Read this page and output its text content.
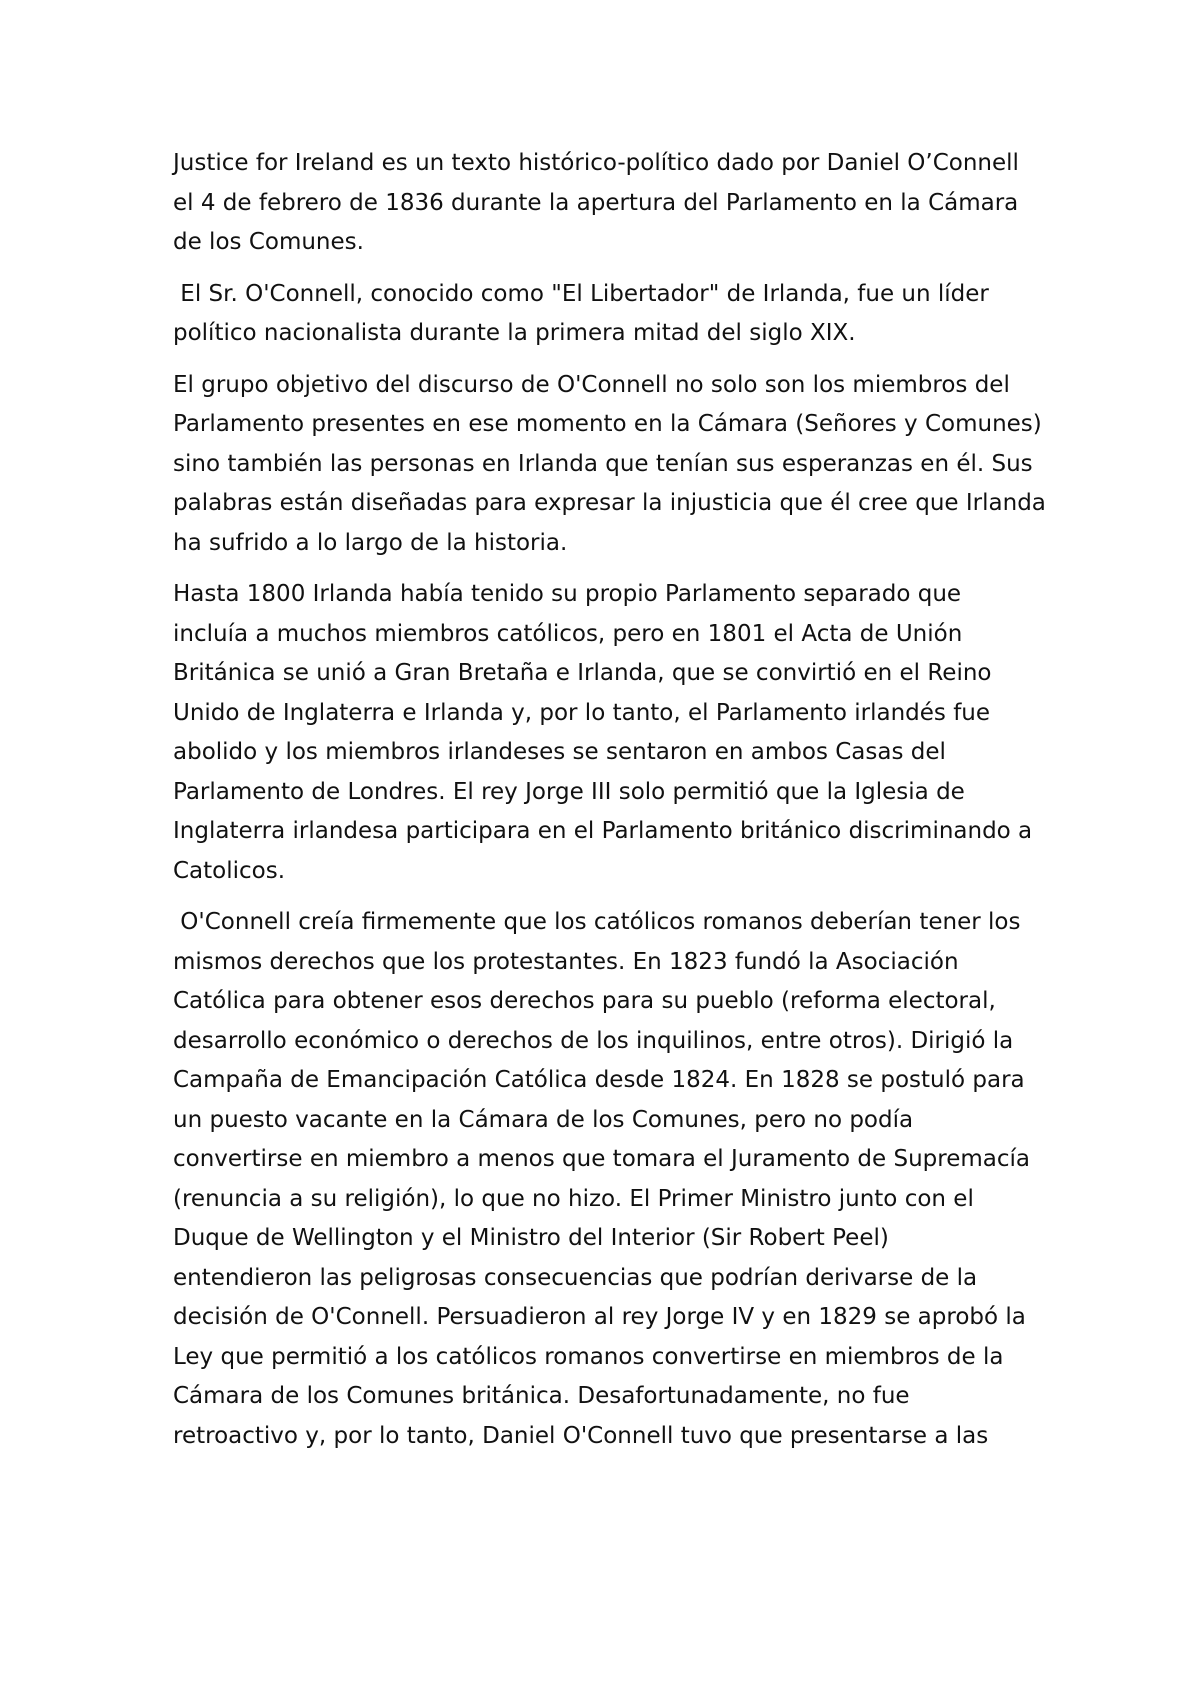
Justice for Ireland es un texto histórico-político dado por Daniel O’Connell
el 4 de febrero de 1836 durante la apertura del Parlamento en la Cámara
de los Comunes.

El Sr. O'Connell, conocido como "El Libertador" de Irlanda, fue un líder
político nacionalista durante la primera mitad del siglo XIX.

El grupo objetivo del discurso de O'Connell no solo son los miembros del
Parlamento presentes en ese momento en la Cámara (Señores y Comunes)
sino también las personas en Irlanda que tenían sus esperanzas en él. Sus
palabras están diseñadas para expresar la injusticia que él cree que Irlanda
ha sufrido a lo largo de la historia.

Hasta 1800 Irlanda había tenido su propio Parlamento separado que
incluía a muchos miembros católicos, pero en 1801 el Acta de Unión
Británica se unió a Gran Bretaña e Irlanda, que se convirtió en el Reino
Unido de Inglaterra e Irlanda y, por lo tanto, el Parlamento irlandés fue
abolido y los miembros irlandeses se sentaron en ambos Casas del
Parlamento de Londres. El rey Jorge III solo permitió que la Iglesia de
Inglaterra irlandesa participara en el Parlamento británico discriminando a
Catolicos.

O'Connell creía firmemente que los católicos romanos deberían tener los
mismos derechos que los protestantes. En 1823 fundó la Asociación
Católica para obtener esos derechos para su pueblo (reforma electoral,
desarrollo económico o derechos de los inquilinos, entre otros). Dirigió la
Campaña de Emancipación Católica desde 1824. En 1828 se postuló para
un puesto vacante en la Cámara de los Comunes, pero no podía
convertirse en miembro a menos que tomara el Juramento de Supremacía
(renuncia a su religión), lo que no hizo. El Primer Ministro junto con el
Duque de Wellington y el Ministro del Interior (Sir Robert Peel)
entendieron las peligrosas consecuencias que podrían derivarse de la
decisión de O'Connell. Persuadieron al rey Jorge IV y en 1829 se aprobó la
Ley que permitió a los católicos romanos convertirse en miembros de la
Cámara de los Comunes británica. Desafortunadamente, no fue
retroactivo y, por lo tanto, Daniel O'Connell tuvo que presentarse a las
